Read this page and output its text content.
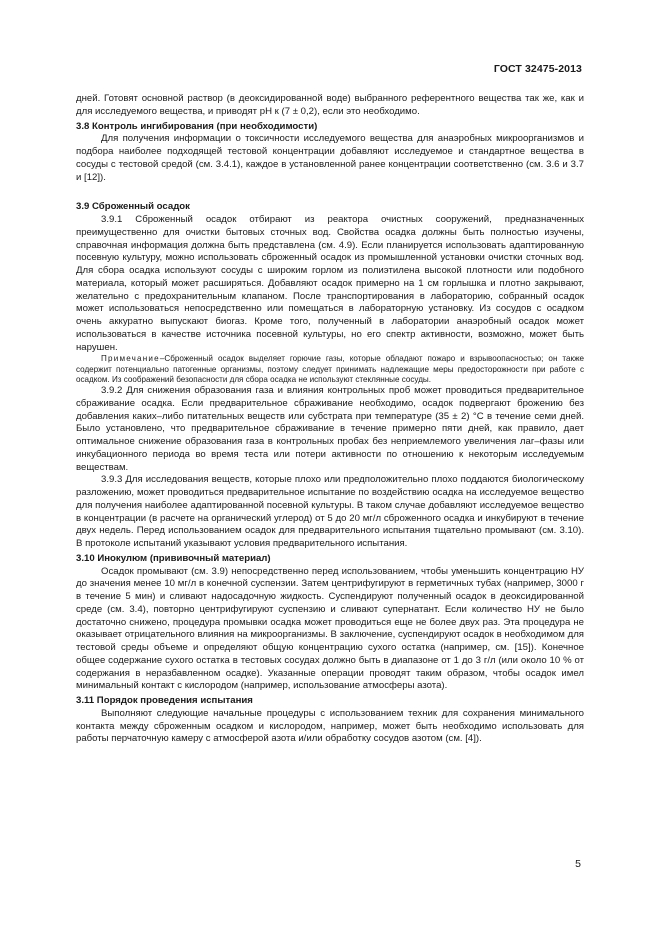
ГОСТ 32475-2013

дней. Готовят основной раствор (в деоксидированной воде) выбранного референтного вещества так же, как и для исследуемого вещества, и приводят pH к (7 ± 0,2), если это необходимо.

3.8 Контроль ингибирования (при необходимости)

Для получения информации о токсичности исследуемого вещества для анаэробных микроорганизмов и подбора наиболее подходящей тестовой концентрации добавляют исследуемое и стандартное вещества в сосуды с тестовой средой (см. 3.4.1), каждое в установленной ранее концентрации соответственно (см. 3.6 и 3.7 и [12]).

3.9 Сброженный осадок

3.9.1 Сброженный осадок отбирают из реактора очистных сооружений, предназначенных преимущественно для очистки бытовых сточных вод. Свойства осадка должны быть полностью изучены, справочная информация должна быть представлена (см. 4.9). Если планируется использовать адаптированную посевную культуру, можно использовать сброженный осадок из промышленной установки очистки сточных вод. Для сбора осадка используют сосуды с широким горлом из полиэтилена высокой плотности или подобного материала, который может расширяться. Добавляют осадок примерно на 1 см горлышка и плотно закрывают, желательно с предохранительным клапаном. После транспортирования в лабораторию, собранный осадок может использоваться непосредственно или помещаться в лабораторную установку. Из сосудов с осадком очень аккуратно выпускают биогаз. Кроме того, полученный в лаборатории анаэробный осадок может использоваться в качестве источника посевной культуры, но его спектр активности, возможно, может быть нарушен.

Примечание–Сброженный осадок выделяет горючие газы, которые обладают пожаро и взрывоопасностью; он также содержит потенциально патогенные организмы, поэтому следует принимать надлежащие меры предосторожности при работе с осадком. Из соображений безопасности для сбора осадка не используют стеклянные сосуды.

3.9.2 Для снижения образования газа и влияния контрольных проб может проводиться предварительное сбраживание осадка. Если предварительное сбраживание необходимо, осадок подвергают брожению без добавления каких–либо питательных веществ или субстрата при температуре (35 ± 2) °C в течение семи дней. Было установлено, что предварительное сбраживание в течение примерно пяти дней, как правило, дает оптимальное снижение образования газа в контрольных пробах без неприемлемого увеличения лаг–фазы или инкубационного периода во время теста или потери активности по отношению к некоторым исследуемым веществам.

3.9.3 Для исследования веществ, которые плохо или предположительно плохо поддаются биологическому разложению, может проводиться предварительное испытание по воздействию осадка на исследуемое вещество для получения наиболее адаптированной посевной культуры. В таком случае добавляют исследуемое вещество в концентрации (в расчете на органический углерод) от 5 до 20 мг/л сброженного осадка и инкубируют в течение двух недель. Перед использованием осадок для предварительного испытания тщательно промывают (см. 3.10). В протоколе испытаний указывают условия предварительного испытания.

3.10 Инокулюм (прививочный материал)

Осадок промывают (см. 3.9) непосредственно перед использованием, чтобы уменьшить концентрацию НУ до значения менее 10 мг/л в конечной суспензии. Затем центрифугируют в герметичных тубах (например, 3000 г в течение 5 мин) и сливают надосадочную жидкость. Суспендируют полученный осадок в деоксидированной среде (см. 3.4), повторно центрифугируют суспензию и сливают супернатант. Если количество НУ не было достаточно снижено, процедура промывки осадка может проводиться еще не более двух раз. Эта процедура не оказывает отрицательного влияния на микроорганизмы. В заключение, суспендируют осадок в необходимом для тестовой среды объеме и определяют общую концентрацию сухого остатка (например, см. [15]). Конечное общее содержание сухого остатка в тестовых сосудах должно быть в диапазоне от 1 до 3 г/л (или около 10 % от содержания в неразбавленном осадке). Указанные операции проводят таким образом, чтобы осадок имел минимальный контакт с кислородом (например, использование атмосферы азота).

3.11 Порядок проведения испытания

Выполняют следующие начальные процедуры с использованием техник для сохранения минимального контакта между сброженным осадком и кислородом, например, может быть необходимо использовать для работы перчаточную камеру с атмосферой азота и/или обработку сосудов азотом (см. [4]).

5
